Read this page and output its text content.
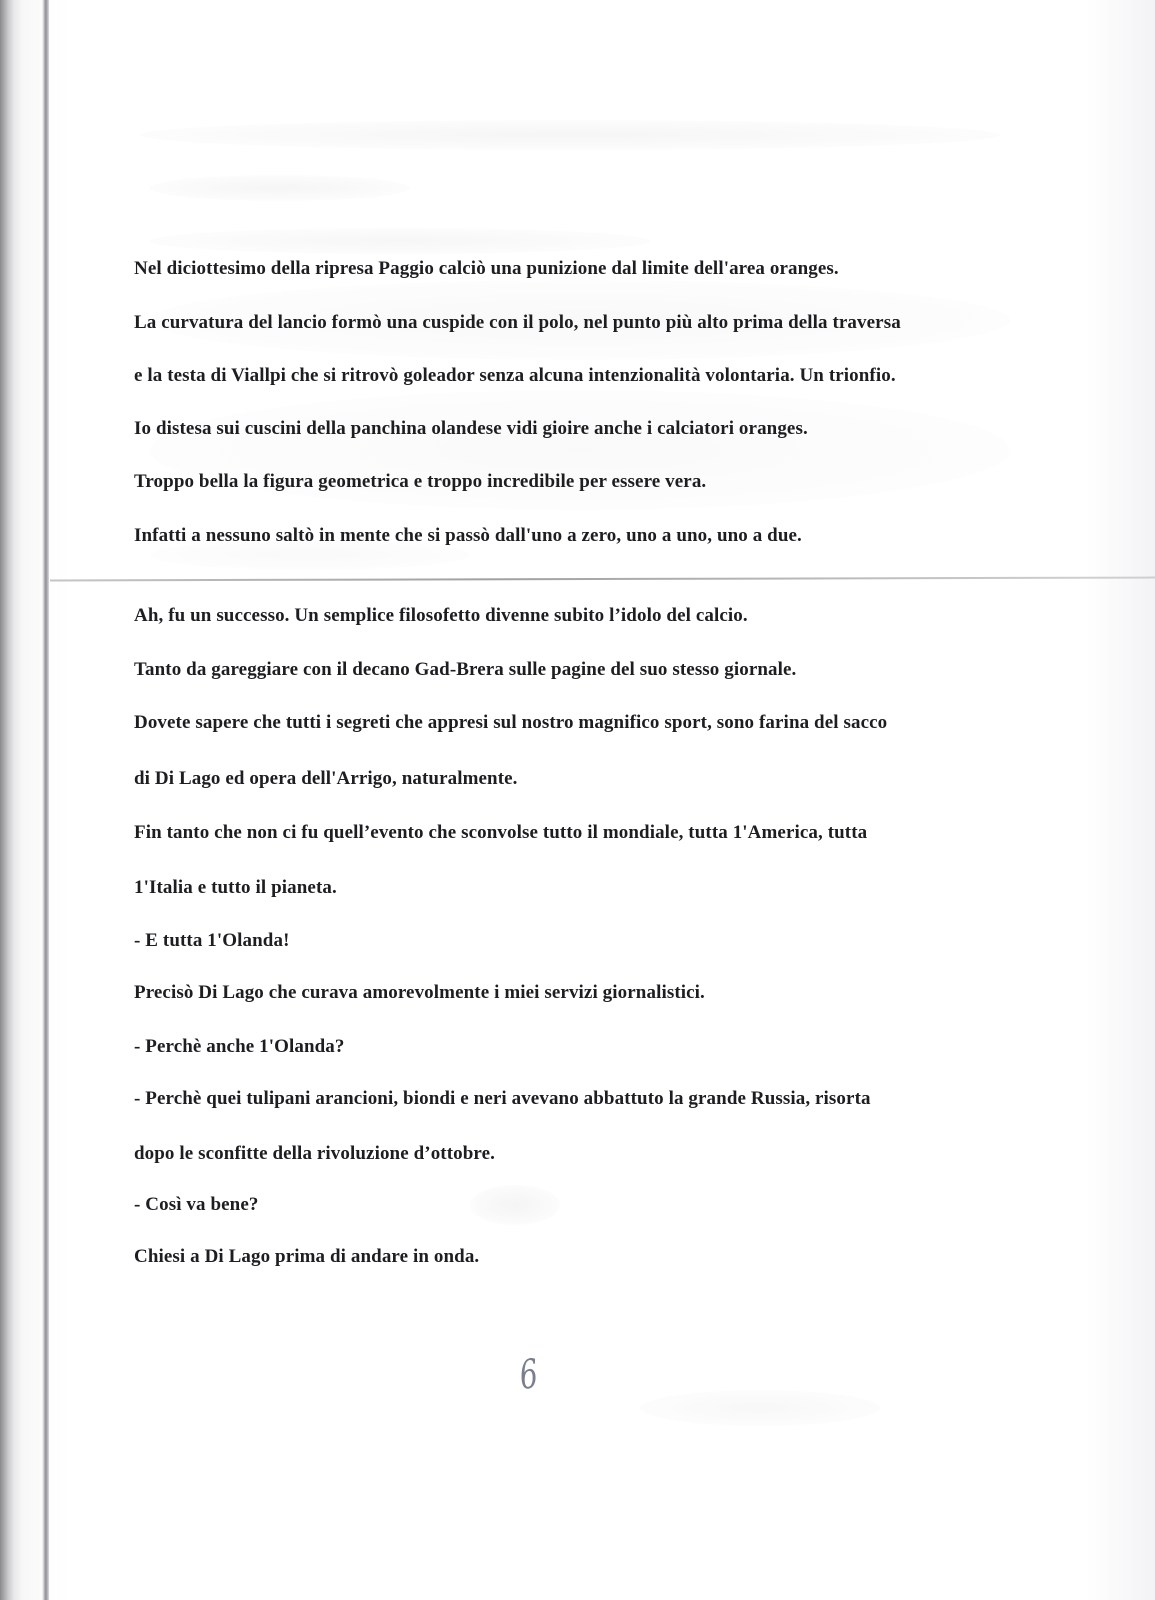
Nel diciottesimo della ripresa Paggio calciò una punizione dal limite dell'area oranges.
La curvatura del lancio formò una cuspide con il polo, nel punto più alto prima della traversa
e la testa di Viallpi che si ritrovò goleador senza alcuna intenzionalità volontaria. Un trionfio.
Io distesa sui cuscini della panchina olandese vidi gioire anche i calciatori oranges.
Troppo bella la figura geometrica e troppo incredibile per essere vera.
Infatti a nessuno saltò in mente che si passò dall'uno a zero, uno a uno, uno a due.
Ah, fu un successo. Un semplice filosofetto divenne subito l’idolo del calcio.
Tanto da gareggiare con il decano Gad-Brera sulle pagine del suo stesso giornale.
Dovete sapere che tutti i segreti che appresi sul nostro magnifico sport, sono farina del sacco
di Di Lago ed opera dell'Arrigo, naturalmente.
Fin tanto che non ci fu quell’evento che sconvolse tutto il mondiale, tutta 1'America, tutta
1'Italia e tutto il pianeta.
- E tutta 1'Olanda!
Precisò Di Lago che curava amorevolmente i miei servizi giornalistici.
- Perchè anche 1'Olanda?
- Perchè quei tulipani arancioni, biondi e neri avevano abbattuto la grande Russia, risorta
dopo le sconfitte della rivoluzione d’ottobre.
- Così va bene?
Chiesi a Di Lago prima di andare in onda.
6
